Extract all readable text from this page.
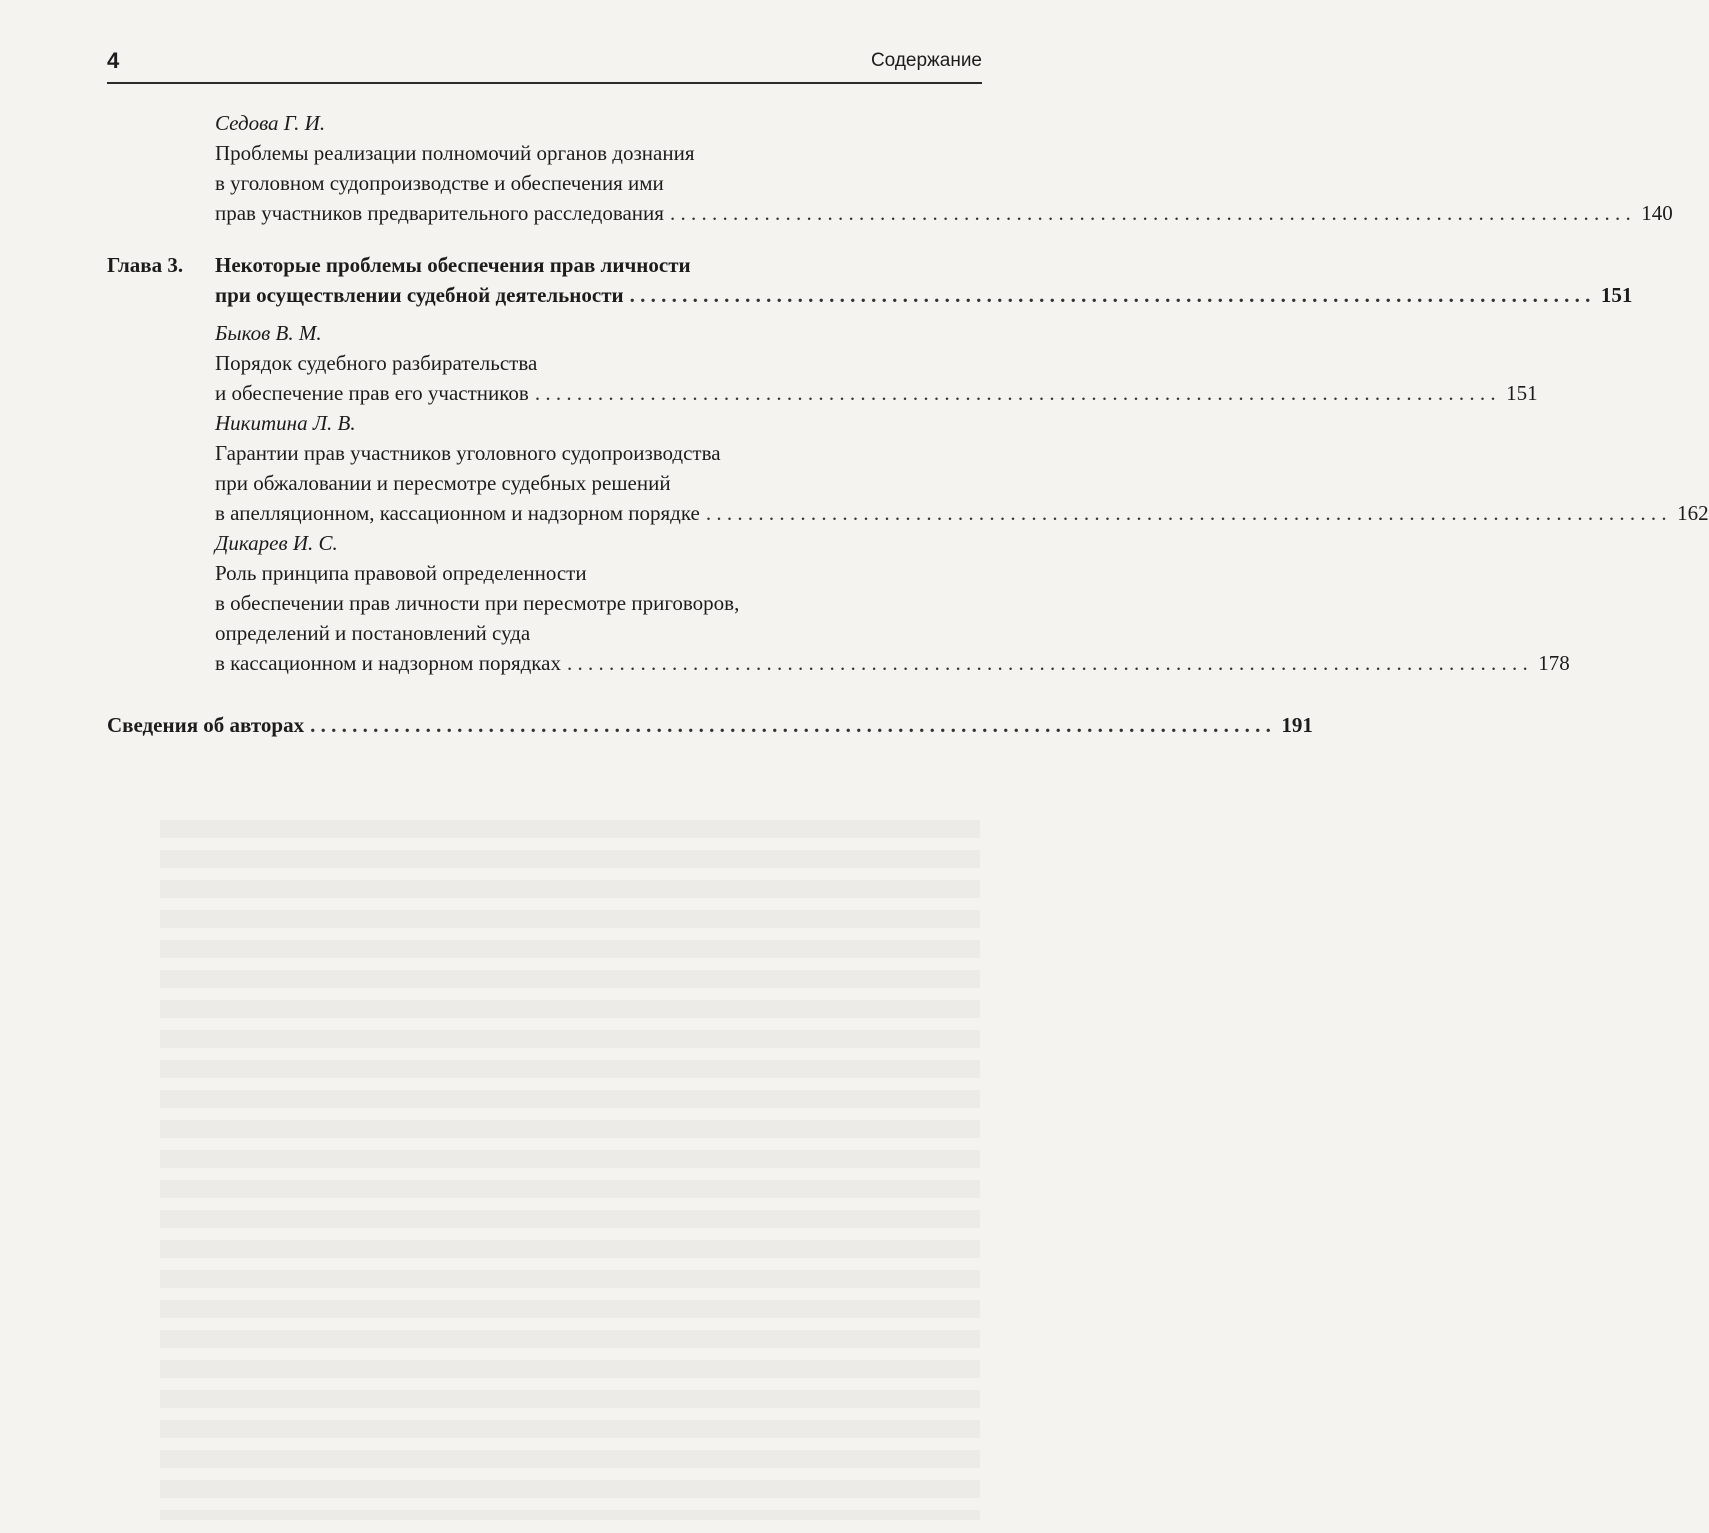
4	Содержание
Седова Г. И.
Проблемы реализации полномочий органов дознания
в уголовном судопроизводстве и обеспечения ими
прав участников предварительного расследования . . .	140
Глава 3.	Некоторые проблемы обеспечения прав личности
при осуществлении судебной деятельности . . .	151
Быков В. М.
Порядок судебного разбирательства
и обеспечение прав его участников . . .	151
Никитина Л. В.
Гарантии прав участников уголовного судопроизводства
при обжаловании и пересмотре судебных решений
в апелляционном, кассационном и надзорном порядке . . .	162
Дикарев И. С.
Роль принципа правовой определенности
в обеспечении прав личности при пересмотре приговоров,
определений и постановлений суда
в кассационном и надзорном порядках . . .	178
Сведения об авторах . . .	191
